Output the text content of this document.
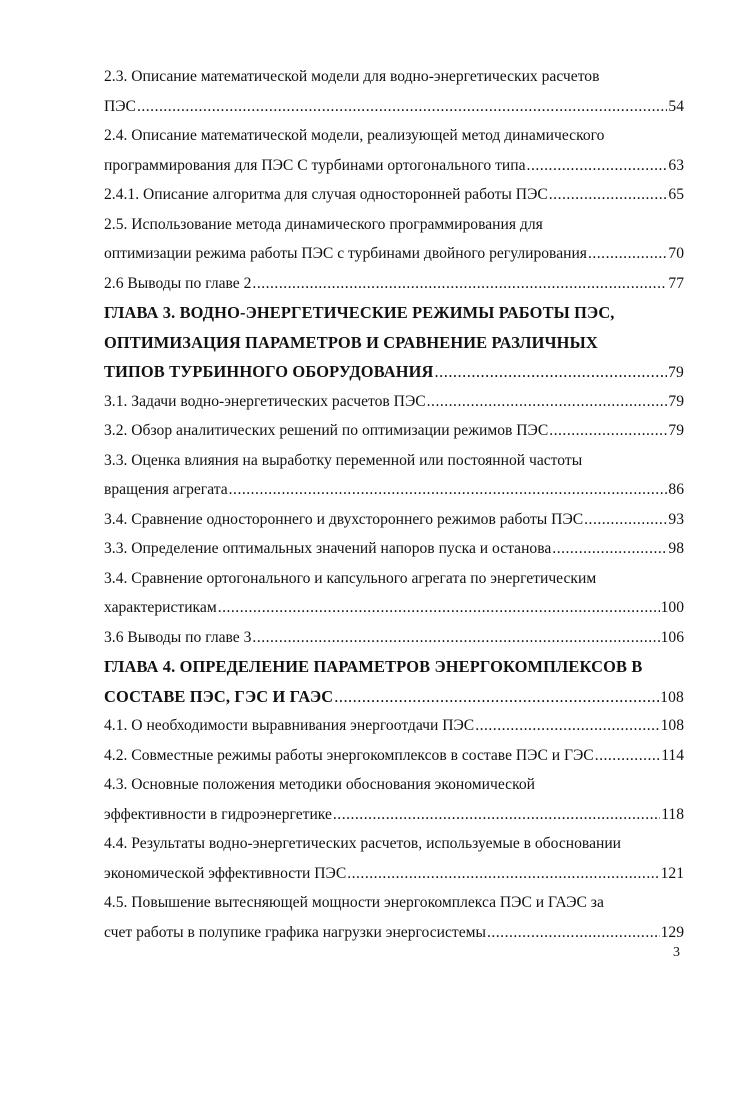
2.3. Описание математической модели для водно-энергетических расчетов
ПЭС .....	54
2.4. Описание математической модели, реализующей метод динамического
программирования для ПЭС С турбинами ортогонального типа .....	63
2.4.1. Описание алгоритма для случая односторонней работы ПЭС .....	65
2.5. Использование метода динамического программирования для
оптимизации режима работы ПЭС с турбинами двойного регулирования .....	70
2.6 Выводы по главе 2 .....	77
ГЛАВА 3. ВОДНО-ЭНЕРГЕТИЧЕСКИЕ РЕЖИМЫ РАБОТЫ ПЭС,
ОПТИМИЗАЦИЯ ПАРАМЕТРОВ И СРАВНЕНИЕ РАЗЛИЧНЫХ
ТИПОВ ТУРБИННОГО ОБОРУДОВАНИЯ .....	79
3.1. Задачи водно-энергетических расчетов ПЭС .....	79
3.2. Обзор аналитических решений по оптимизации режимов ПЭС .....	79
3.3. Оценка влияния на выработку переменной или постоянной частоты
вращения агрегата .....	86
3.4. Сравнение одностороннего и двухстороннего режимов работы ПЭС .....	93
3.3. Определение оптимальных значений напоров пуска и останова .....	98
3.4. Сравнение ортогонального и капсульного агрегата по энергетическим
характеристикам .....	100
3.6 Выводы по главе 3 .....	106
ГЛАВА 4. ОПРЕДЕЛЕНИЕ ПАРАМЕТРОВ ЭНЕРГОКОМПЛЕКСОВ В
СОСТАВЕ ПЭС, ГЭС И ГАЭС .....	108
4.1. О необходимости выравнивания энергоотдачи ПЭС .....	108
4.2. Совместные режимы работы энергокомплексов в составе ПЭС и ГЭС .....	114
4.3. Основные положения методики обоснования экономической
эффективности в гидроэнергетике .....	118
4.4. Результаты водно-энергетических расчетов, используемые в обосновании
экономической эффективности ПЭС .....	121
4.5. Повышение вытесняющей мощности энергокомплекса ПЭС и ГАЭС за
счет работы в полупике графика нагрузки энергосистемы .....	129
3
